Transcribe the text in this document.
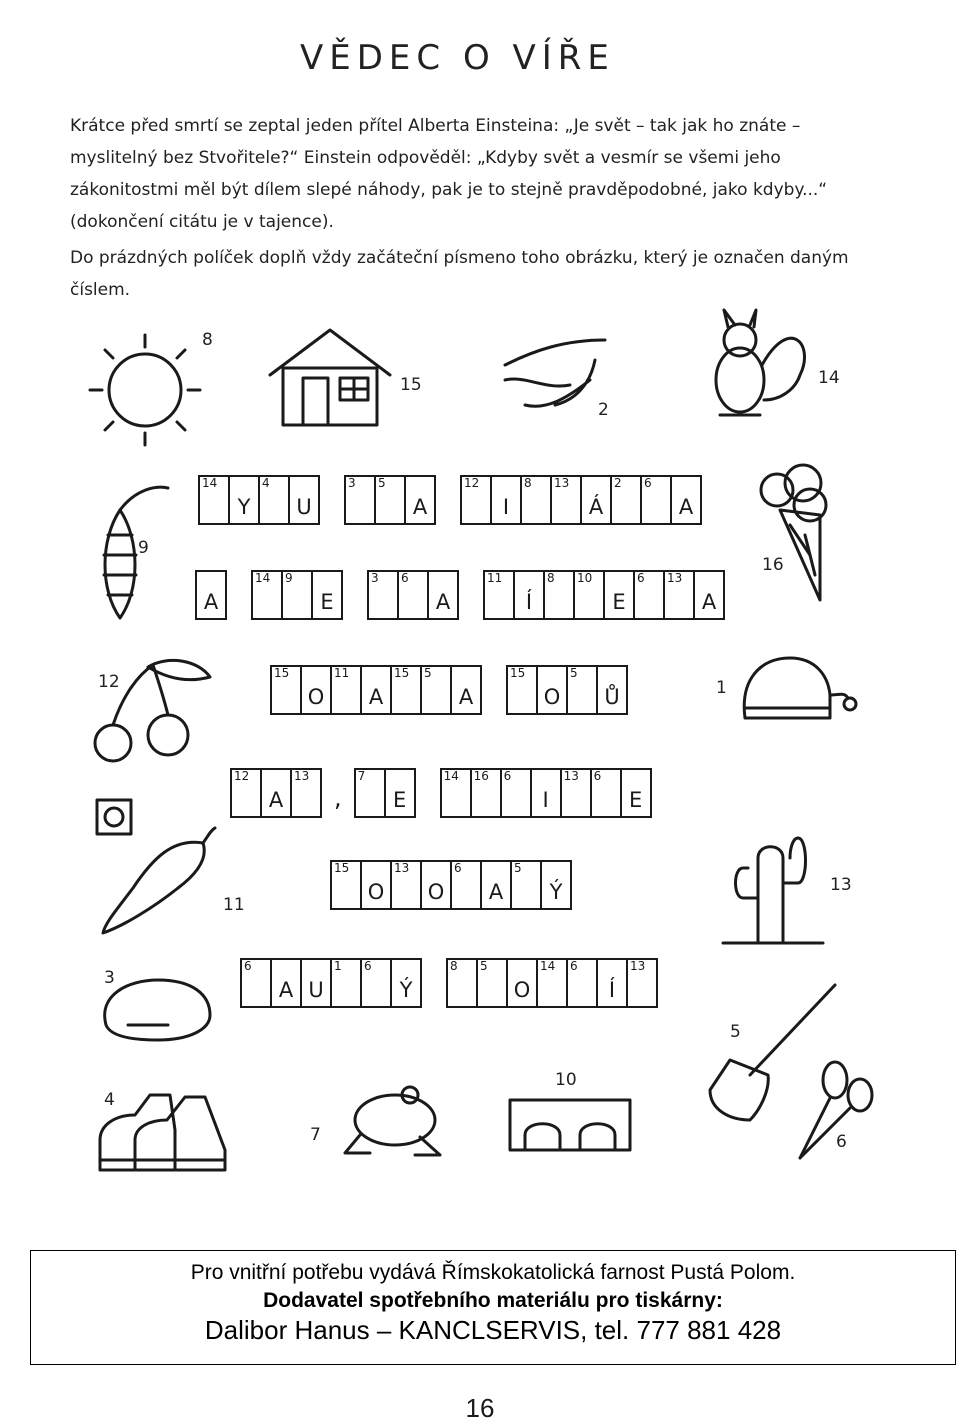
VĚDEC O VÍŘE

Krátce před smrtí se zeptal jeden přítel Alberta Einsteina: „Je svět – tak jak ho znáte – myslitelný bez Stvořitele?“ Einstein odpověděl: „Kdyby svět a vesmír se všemi jeho zákonitostmi měl být dílem slepé náhody, pak je to stejně pravděpodobné, jako kdyby...“ (dokončení citátu je v tajence).

Do prázdných políček doplň vždy začáteční písmeno toho obrázku, který je označen daným číslem.

8
15
2
14
9
16
12	1
11
13
3
5
4
7
10
6
14
Y
4
U
3 5
A
12
I
8 13
Á
2 6
A
A
14 9
E
3 6
A
11
Í
8 10
E
6 13
A
15
O
11
A
15 5
A
15
O
5
Ů
12
A
13
,
7
E
14 16 6
I
13 6
E
15
O
13
O
6
A
5
Ý
6
A U
1 6
Ý
8 5
O
14 6
Í
13
Pro vnitřní potřebu vydává Římskokatolická farnost Pustá Polom.
Dodavatel spotřebního materiálu pro tiskárny:
Dalibor Hanus – KANCLSERVIS, tel. 777 881 428
16
